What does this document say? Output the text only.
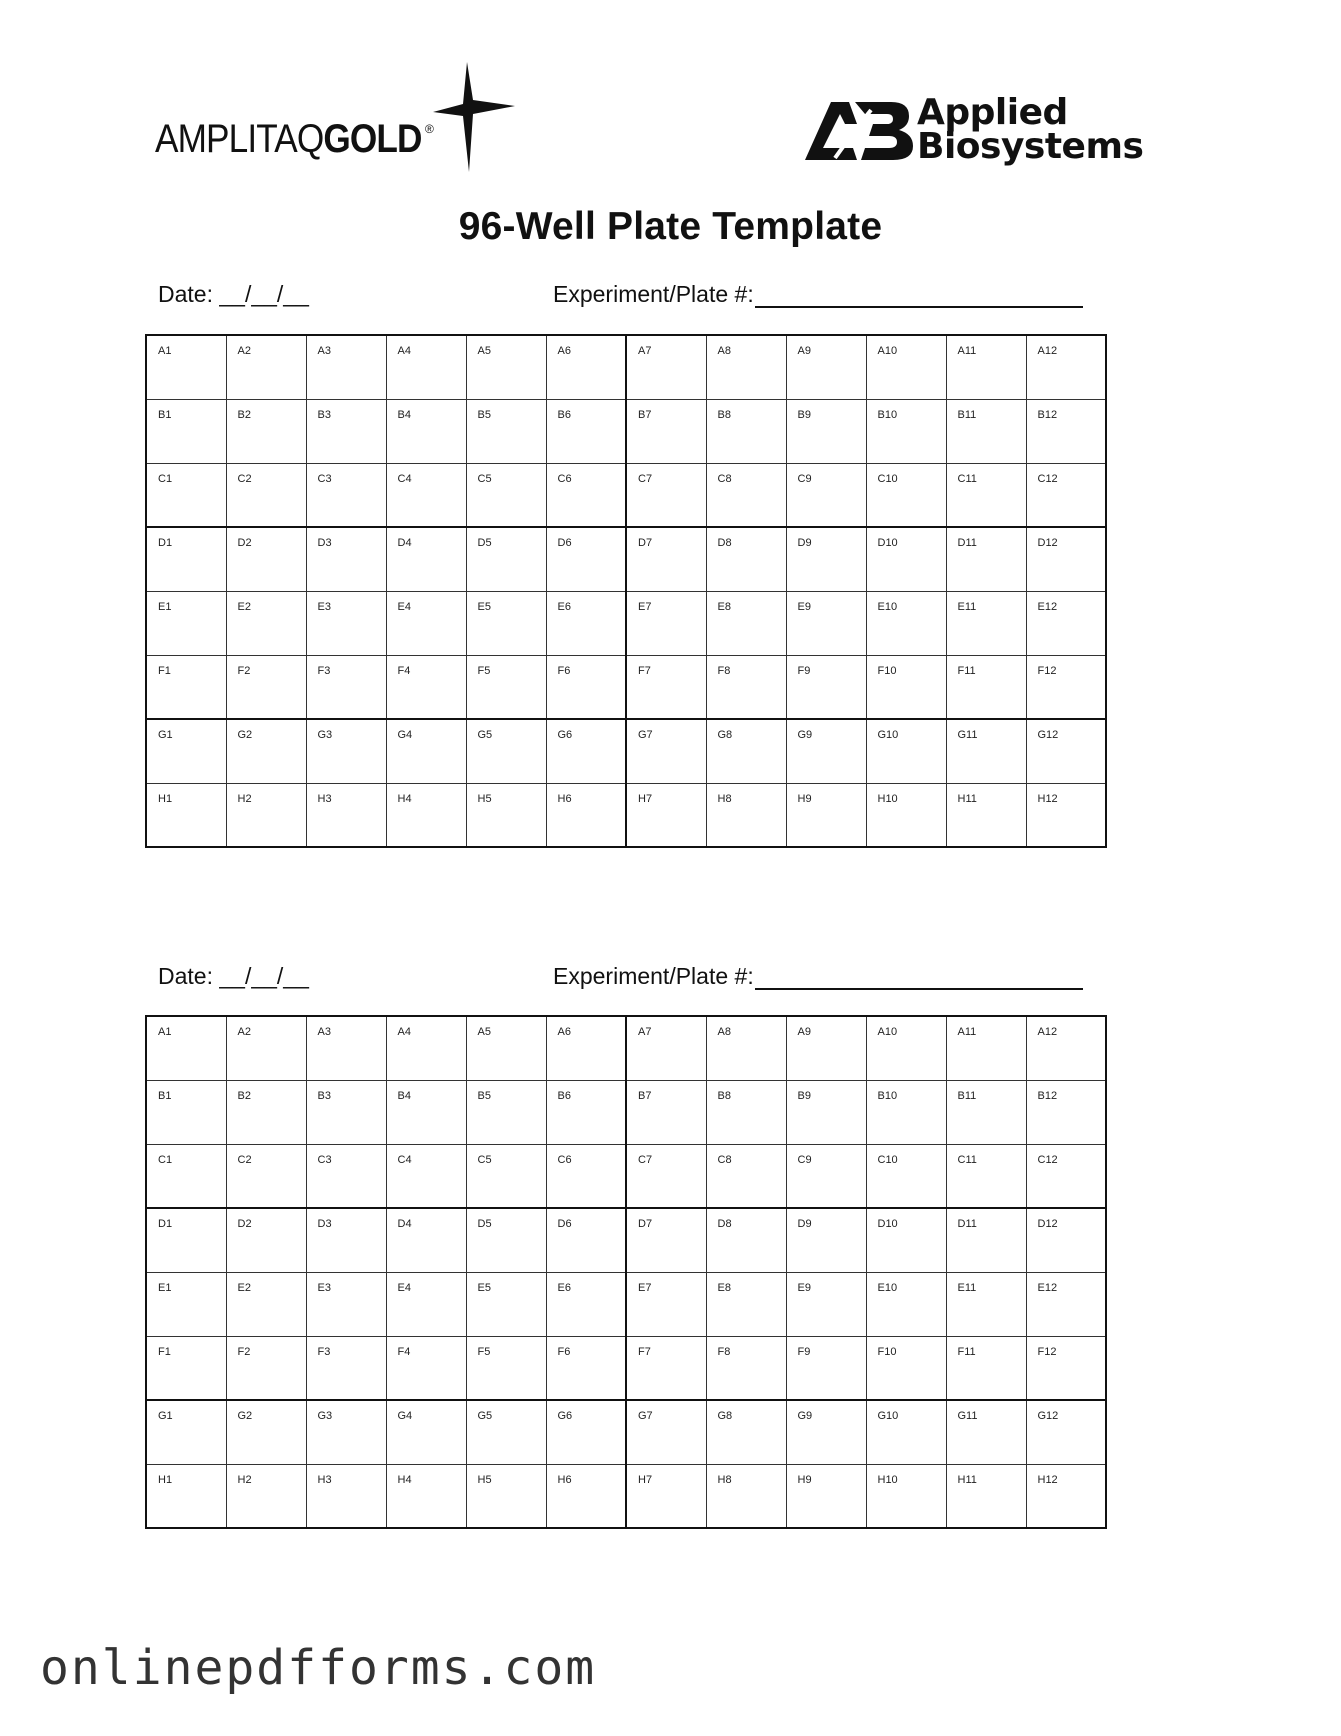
AMPLITAQGOLD ®	Applied
Biosystems
96-Well Plate Template
Date: __/__/__	Experiment/Plate #:
A1	A2	A3	A4	A5	A6	A7	A8	A9	A10	A11	A12
B1	B2	B3	B4	B5	B6	B7	B8	B9	B10	B11	B12
C1	C2	C3	C4	C5	C6	C7	C8	C9	C10	C11	C12
D1	D2	D3	D4	D5	D6	D7	D8	D9	D10	D11	D12
E1	E2	E3	E4	E5	E6	E7	E8	E9	E10	E11	E12
F1	F2	F3	F4	F5	F6	F7	F8	F9	F10	F11	F12
G1	G2	G3	G4	G5	G6	G7	G8	G9	G10	G11	G12
H1	H2	H3	H4	H5	H6	H7	H8	H9	H10	H11	H12
Date: __/__/__	Experiment/Plate #:
A1	A2	A3	A4	A5	A6	A7	A8	A9	A10	A11	A12
B1	B2	B3	B4	B5	B6	B7	B8	B9	B10	B11	B12
C1	C2	C3	C4	C5	C6	C7	C8	C9	C10	C11	C12
D1	D2	D3	D4	D5	D6	D7	D8	D9	D10	D11	D12
E1	E2	E3	E4	E5	E6	E7	E8	E9	E10	E11	E12
F1	F2	F3	F4	F5	F6	F7	F8	F9	F10	F11	F12
G1	G2	G3	G4	G5	G6	G7	G8	G9	G10	G11	G12
H1	H2	H3	H4	H5	H6	H7	H8	H9	H10	H11	H12
onlinepdfforms.com
